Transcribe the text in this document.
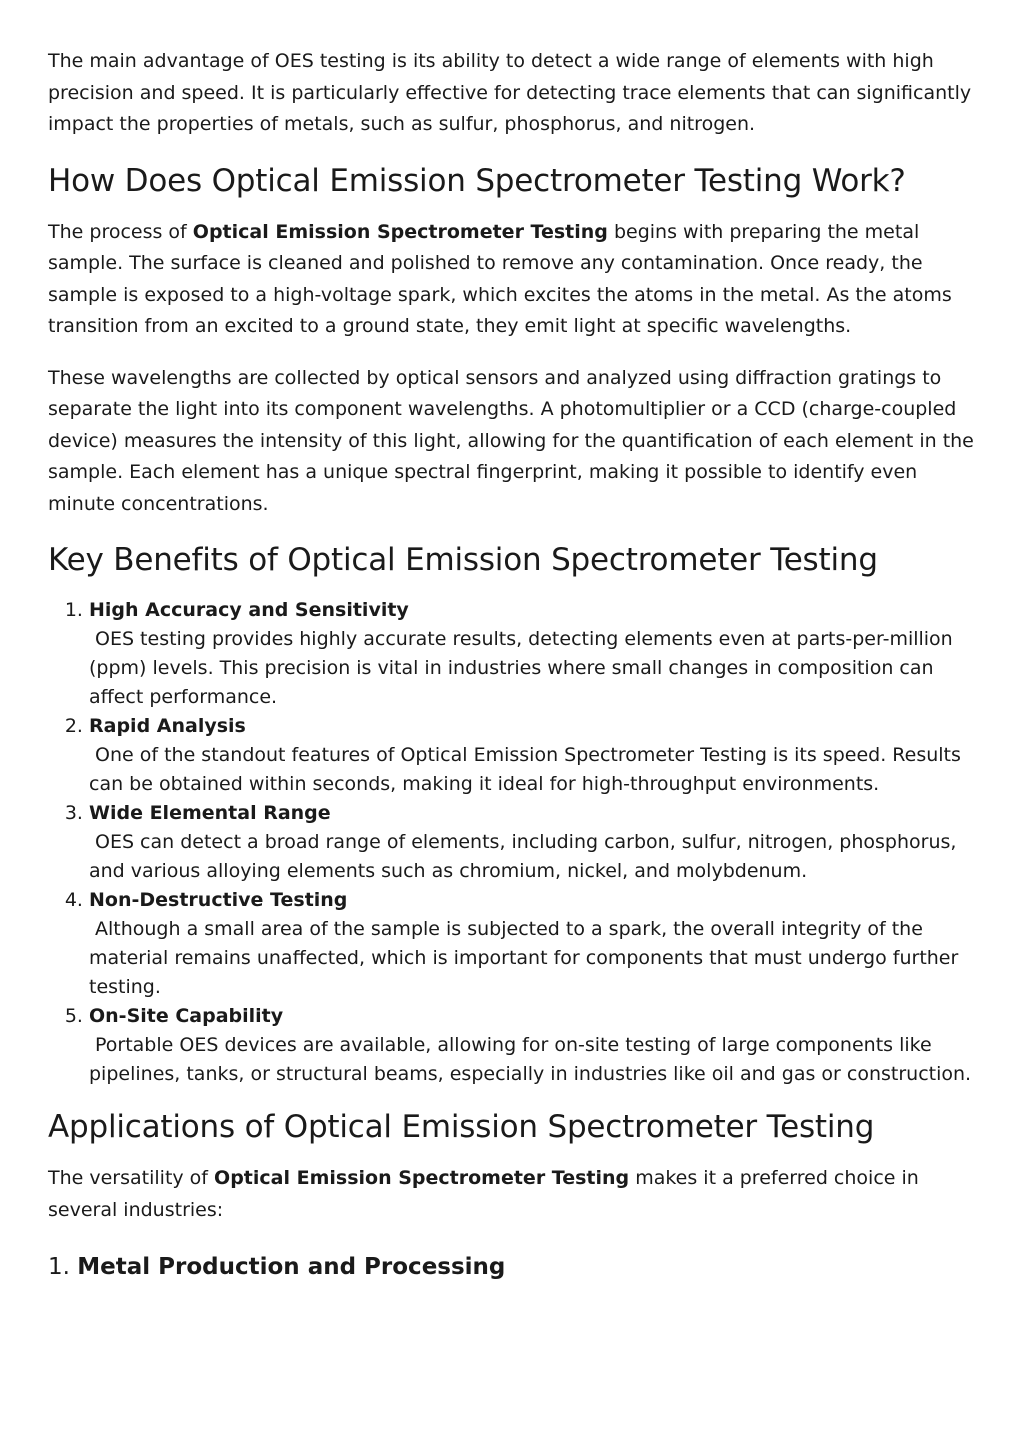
The main advantage of OES testing is its ability to detect a wide range of elements with high precision and speed. It is particularly effective for detecting trace elements that can significantly impact the properties of metals, such as sulfur, phosphorus, and nitrogen.

How Does Optical Emission Spectrometer Testing Work?

The process of Optical Emission Spectrometer Testing begins with preparing the metal sample. The surface is cleaned and polished to remove any contamination. Once ready, the sample is exposed to a high-voltage spark, which excites the atoms in the metal. As the atoms transition from an excited to a ground state, they emit light at specific wavelengths.

These wavelengths are collected by optical sensors and analyzed using diffraction gratings to separate the light into its component wavelengths. A photomultiplier or a CCD (charge-coupled device) measures the intensity of this light, allowing for the quantification of each element in the sample. Each element has a unique spectral fingerprint, making it possible to identify even minute concentrations.

Key Benefits of Optical Emission Spectrometer Testing
1. High Accuracy and Sensitivity
OES testing provides highly accurate results, detecting elements even at parts-per-million (ppm) levels. This precision is vital in industries where small changes in composition can affect performance.
2. Rapid Analysis
One of the standout features of Optical Emission Spectrometer Testing is its speed. Results can be obtained within seconds, making it ideal for high-throughput environments.
3. Wide Elemental Range
OES can detect a broad range of elements, including carbon, sulfur, nitrogen, phosphorus, and various alloying elements such as chromium, nickel, and molybdenum.
4. Non-Destructive Testing
Although a small area of the sample is subjected to a spark, the overall integrity of the material remains unaffected, which is important for components that must undergo further testing.
5. On-Site Capability
Portable OES devices are available, allowing for on-site testing of large components like pipelines, tanks, or structural beams, especially in industries like oil and gas or construction.
Applications of Optical Emission Spectrometer Testing

The versatility of Optical Emission Spectrometer Testing makes it a preferred choice in several industries:

1. Metal Production and Processing
